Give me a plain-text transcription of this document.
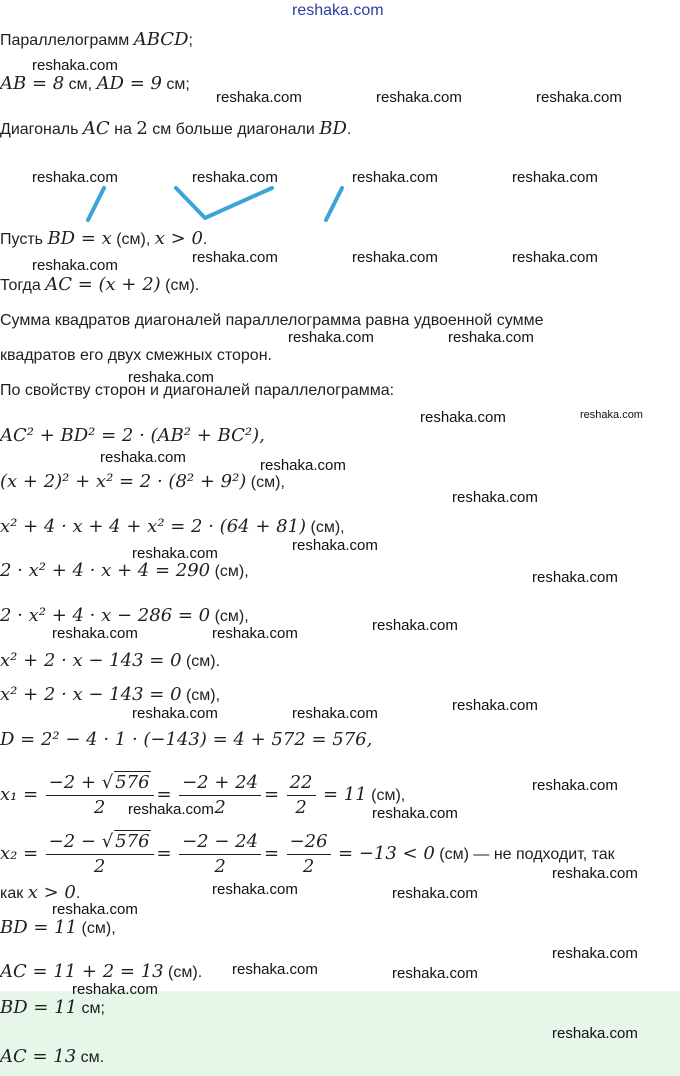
Параллелограмм ABCD;
AB = 8 см, AD = 9 см;
Диагональ AC на 2 см больше диагонали BD.
Пусть BD = x (см), x > 0.
Тогда AC = (x + 2) (см).
Сумма квадратов диагоналей параллелограмма равна удвоенной сумме
квадратов его двух смежных сторон.
По свойству сторон и диагоналей параллелограмма:
AC² + BD² = 2 · (AB² + BC²),
(x + 2)² + x² = 2 · (8² + 9²) (см),
x² + 4 · x + 4 + x² = 2 · (64 + 81) (см),
2 · x² + 4 · x + 4 = 290 (см),
2 · x² + 4 · x − 286 = 0 (см),
x² + 2 · x − 143 = 0 (см).
x² + 2 · x − 143 = 0 (см),
D = 2² − 4 · 1 · (−143) = 4 + 572 = 576,
$x_1 = \frac{-2 + √ 576}{2} = \frac{-2 + 24}{2} = \frac{22}{2} = 11$ (см),
$x_2 = \frac{-2 - √ 576}{2} = \frac{-2 - 24}{2} = \frac{-26}{2} = -13 < 0$ (см) — не подходит, так
как x > 0.
BD = 11 (см),
AC = 11 + 2 = 13 (см).
BD = 11 см;
AC = 13 см.
reshaka.com
reshaka.com
reshaka.com	reshaka.com	reshaka.com
reshaka.com	reshaka.com	reshaka.com	reshaka.com
reshaka.com	reshaka.com	reshaka.com	reshaka.com
reshaka.com	reshaka.com
reshaka.com
reshaka.com	reshaka.com
reshaka.com	reshaka.com
reshaka.com
reshaka.com
reshaka.com
reshaka.com
reshaka.com
reshaka.com	reshaka.com
reshaka.com
reshaka.com	reshaka.com
reshaka.com
reshaka.com	reshaka.com
reshaka.com
reshaka.com	reshaka.com
reshaka.com
reshaka.com
reshaka.com	reshaka.com
reshaka.com
reshaka.com
